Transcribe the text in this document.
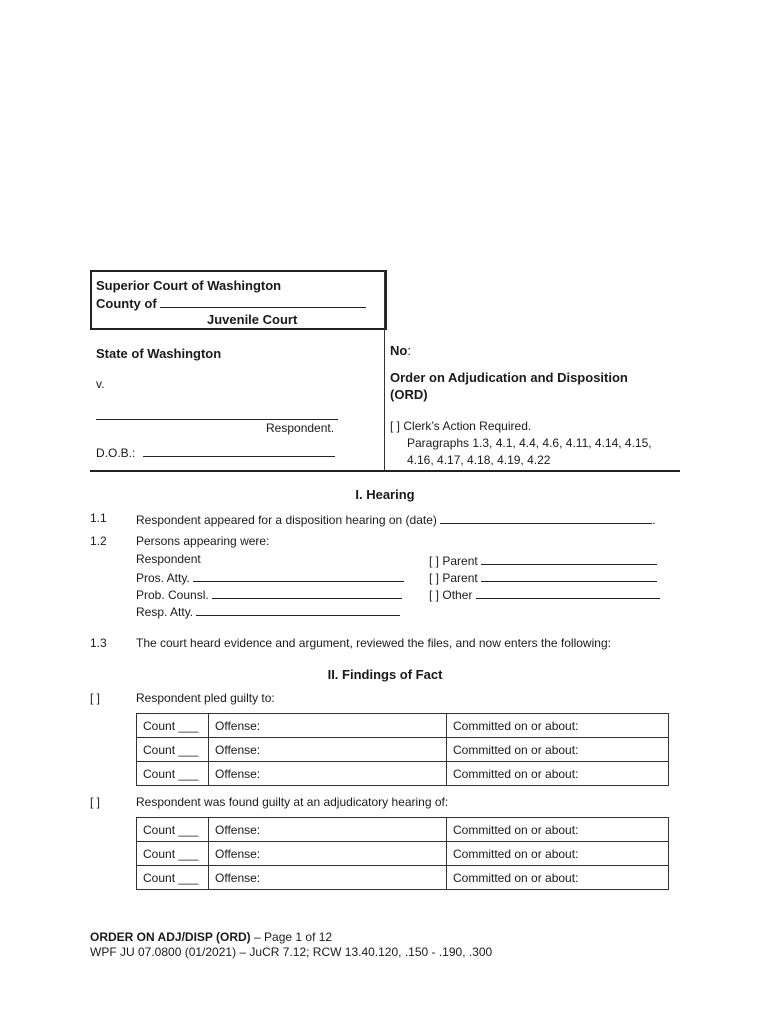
Superior Court of Washington
County of
Juvenile Court
State of Washington
v.
Respondent.
D.O.B.:
No:
Order on Adjudication and Disposition
(ORD)
[ ] Clerk’s Action Required.
Paragraphs 1.3, 4.1, 4.4, 4.6, 4.11, 4.14, 4.15,
4.16, 4.17, 4.18, 4.19, 4.22
I. Hearing
1.1 Respondent appeared for a disposition hearing on (date)	.
1.2 Persons appearing were:
Respondent
Pros. Atty.
Prob. Counsl.
Resp. Atty.
[ ] Parent
[ ] Parent
[ ] Other
1.3 The court heard evidence and argument, reviewed the files, and now enters the following:
II. Findings of Fact
[ ]	Respondent pled guilty to:
Count ___	Offense:	Committed on or about:
Count ___	Offense:	Committed on or about:
Count ___	Offense:	Committed on or about:
[ ]	Respondent was found guilty at an adjudicatory hearing of:
Count ___	Offense:	Committed on or about:
Count ___	Offense:	Committed on or about:
Count ___	Offense:	Committed on or about:
ORDER ON ADJ/DISP (ORD) – Page 1 of 12
WPF JU 07.0800 (01/2021) – JuCR 7.12; RCW 13.40.120, .150 - .190, .300
